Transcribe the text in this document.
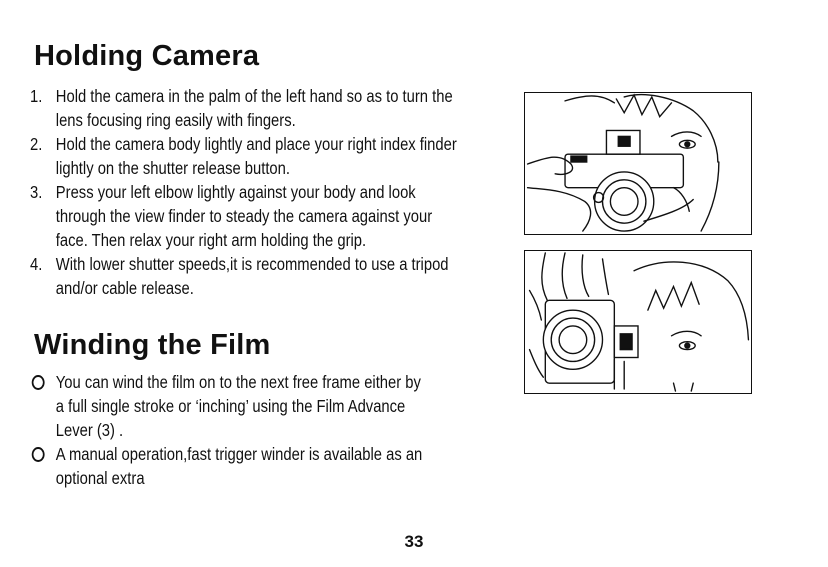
Holding Camera
1. Hold the camera in the palm of the left hand so as to turn the
lens focusing ring easily with fingers.
2. Hold the camera body lightly and place your right index finder
lightly on the shutter release button.
3. Press your left elbow lightly against your body and look
through the view finder to steady the camera against your
face. Then relax your right arm holding the grip.
4. With lower shutter speeds,it is recommended to use a tripod
and/or cable release.
Winding the Film
You can wind the film on to the next free frame either by
a full single stroke or ‘inching’ using the Film Advance
Lever (3) .
A manual operation,fast trigger winder is available as an
optional extra
33
